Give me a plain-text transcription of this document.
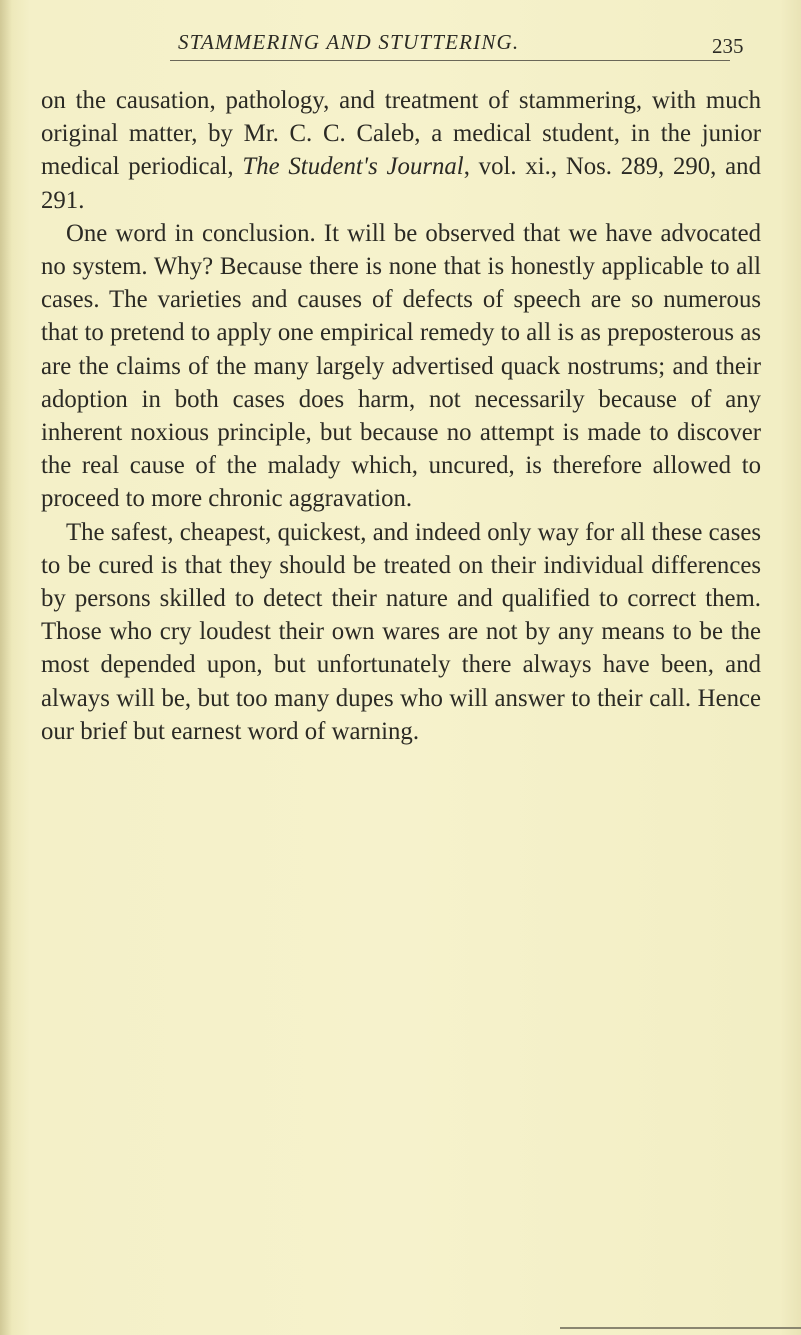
STAMMERING AND STUTTERING.	235

on the causation, pathology, and treatment of stammering, with much original matter, by Mr. C. C. Caleb, a medical student, in the junior medical periodical, The Student's Journal, vol. xi., Nos. 289, 290, and 291.

One word in conclusion. It will be observed that we have advocated no system. Why? Because there is none that is honestly applicable to all cases. The varieties and causes of defects of speech are so numerous that to pretend to apply one empirical remedy to all is as preposterous as are the claims of the many largely advertised quack nostrums; and their adoption in both cases does harm, not necessarily because of any inherent noxious principle, but because no attempt is made to discover the real cause of the malady which, uncured, is therefore allowed to proceed to more chronic aggravation.

The safest, cheapest, quickest, and indeed only way for all these cases to be cured is that they should be treated on their individual differences by persons skilled to detect their nature and qualified to correct them. Those who cry loudest their own wares are not by any means to be the most depended upon, but unfortunately there always have been, and always will be, but too many dupes who will answer to their call. Hence our brief but earnest word of warning.
